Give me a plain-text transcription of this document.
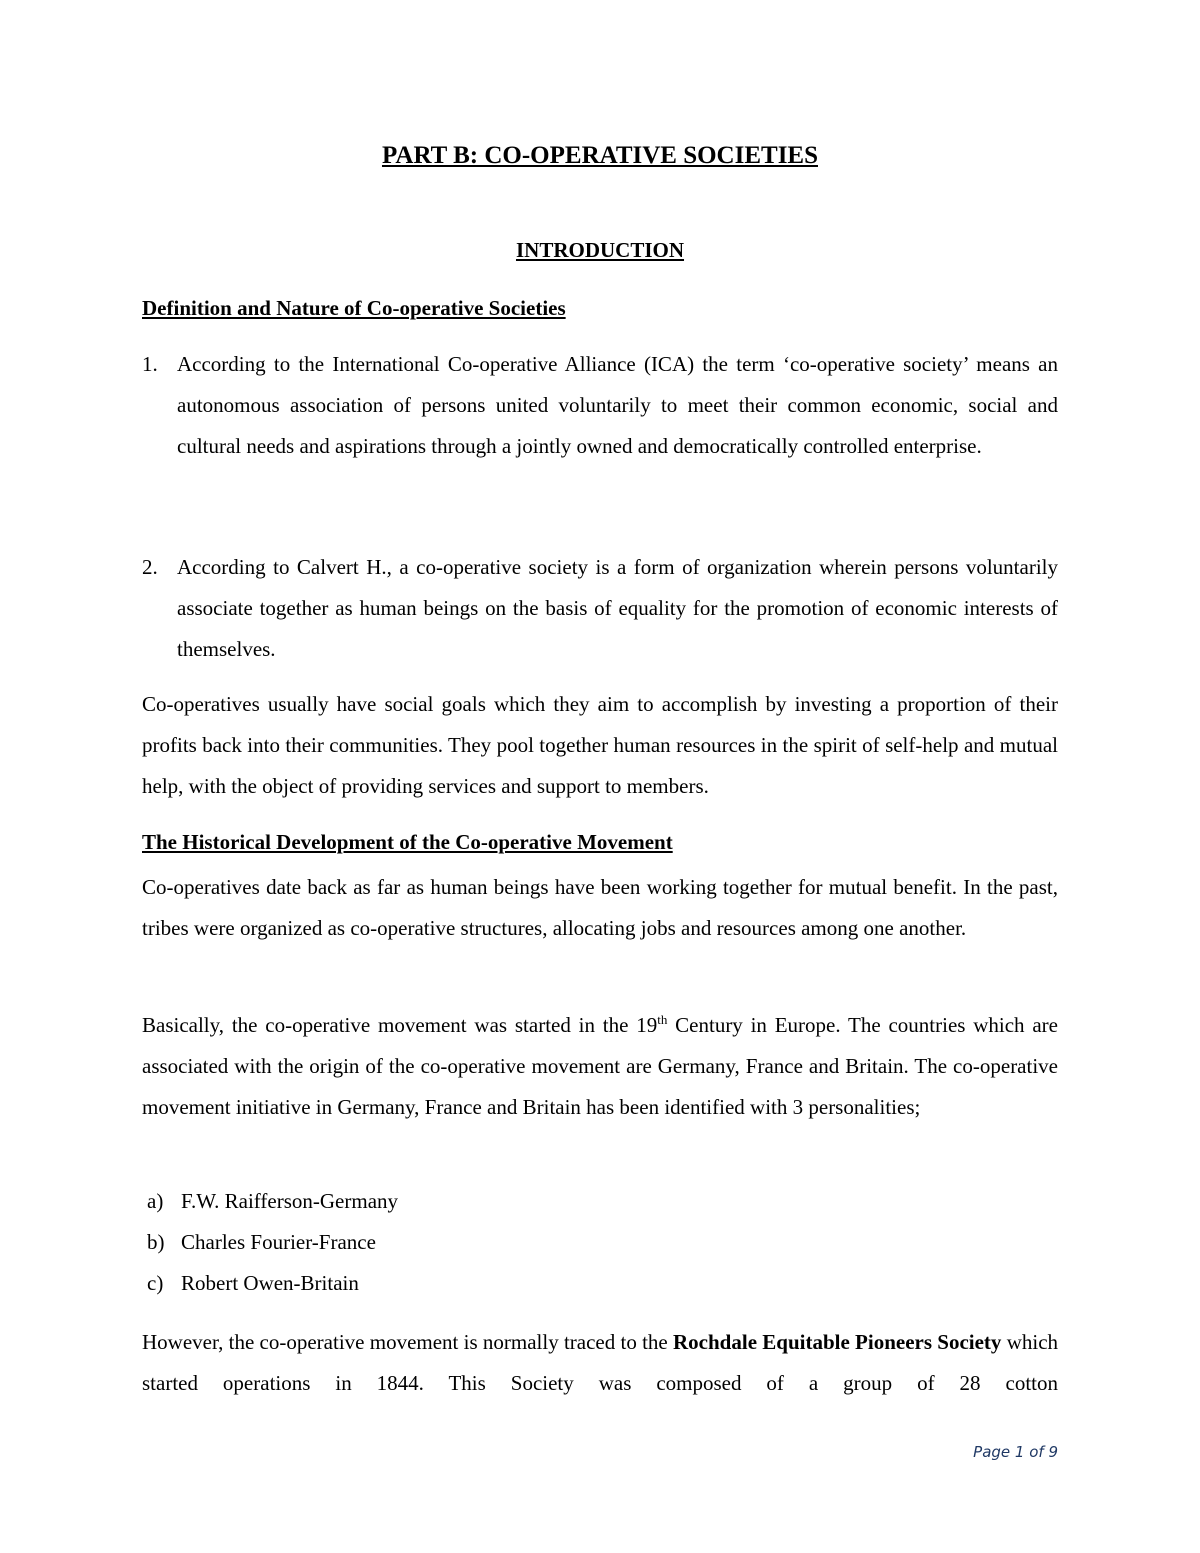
PART B: CO-OPERATIVE SOCIETIES
INTRODUCTION
Definition and Nature of Co-operative Societies
1. According to the International Co-operative Alliance (ICA) the term ‘co-operative society’ means an autonomous association of persons united voluntarily to meet their common economic, social and cultural needs and aspirations through a jointly owned and democratically controlled enterprise.
2. According to Calvert H., a co-operative society is a form of organization wherein persons voluntarily associate together as human beings on the basis of equality for the promotion of economic interests of themselves.

Co-operatives usually have social goals which they aim to accomplish by investing a proportion of their profits back into their communities. They pool together human resources in the spirit of self-help and mutual help, with the object of providing services and support to members.

The Historical Development of the Co-operative Movement

Co-operatives date back as far as human beings have been working together for mutual benefit. In the past, tribes were organized as co-operative structures, allocating jobs and resources among one another.

Basically, the co-operative movement was started in the 19th Century in Europe. The countries which are associated with the origin of the co-operative movement are Germany, France and Britain. The co-operative movement initiative in Germany, France and Britain has been identified with 3 personalities;

a) F.W. Raifferson-Germany
b) Charles Fourier-France
c) Robert Owen-Britain

However, the co-operative movement is normally traced to the Rochdale Equitable Pioneers Society which started operations in 1844. This Society was composed of a group of 28 cotton

Page 1 of 9
